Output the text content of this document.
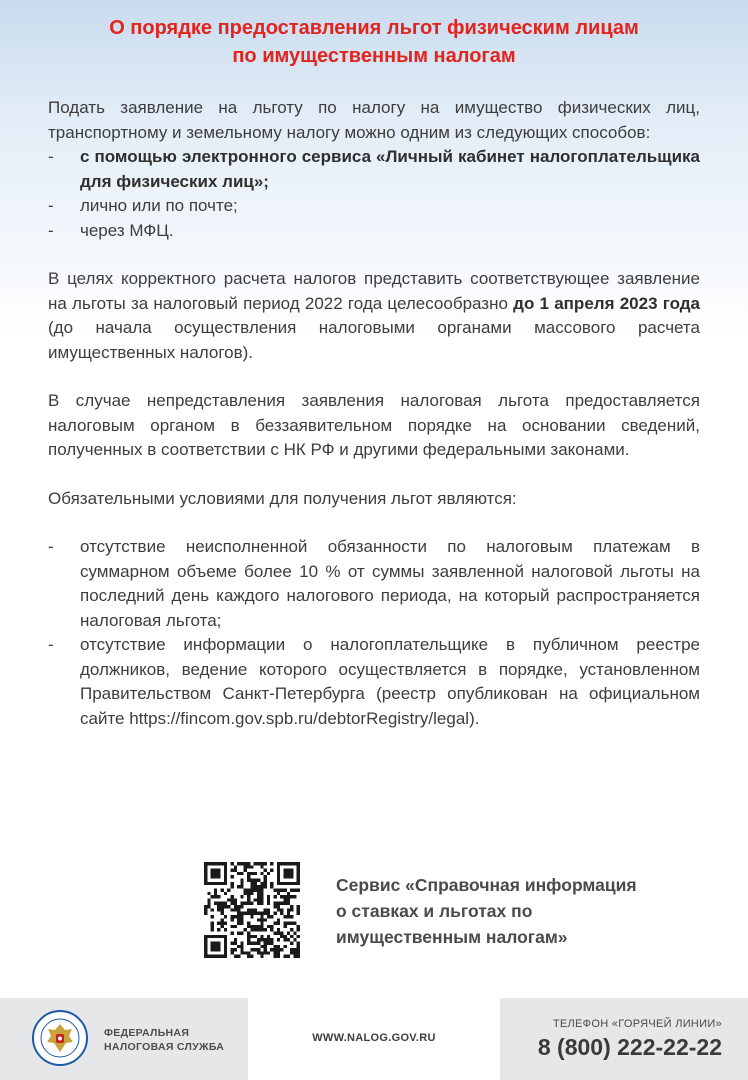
О порядке предоставления льгот физическим лицам
по имущественным налогам

Подать заявление на льготу по налогу на имущество физических лиц, транспортному и земельному налогу можно одним из следующих способов:

- с помощью электронного сервиса «Личный кабинет налогоплательщика для физических лиц»;
- лично или по почте;
- через МФЦ.

В целях корректного расчета налогов представить соответствующее заявление на льготы за налоговый период 2022 года целесообразно до 1 апреля 2023 года (до начала осуществления налоговыми органами массового расчета имущественных налогов).

В случае непредставления заявления налоговая льгота предоставляется налоговым органом в беззаявительном порядке на основании сведений, полученных в соответствии с НК РФ и другими федеральными законами.

Обязательными условиями для получения льгот являются:

- отсутствие неисполненной обязанности по налоговым платежам в суммарном объеме более 10 % от суммы заявленной налоговой льготы на последний день каждого налогового периода, на который распространяется налоговая льгота;
- отсутствие информации о налогоплательщике в публичном реестре должников, ведение которого осуществляется в порядке, установленном Правительством Санкт-Петербурга (реестр опубликован на официальном сайте https://fincom.gov.spb.ru/debtorRegistry/legal).
Сервис «Справочная информация
о ставках и льготах по
имущественным налогам»
ФЕДЕРАЛЬНАЯ
НАЛОГОВАЯ СЛУЖБА
WWW.NALOG.GOV.RU
ТЕЛЕФОН «ГОРЯЧЕЙ ЛИНИИ»
8 (800) 222-22-22
